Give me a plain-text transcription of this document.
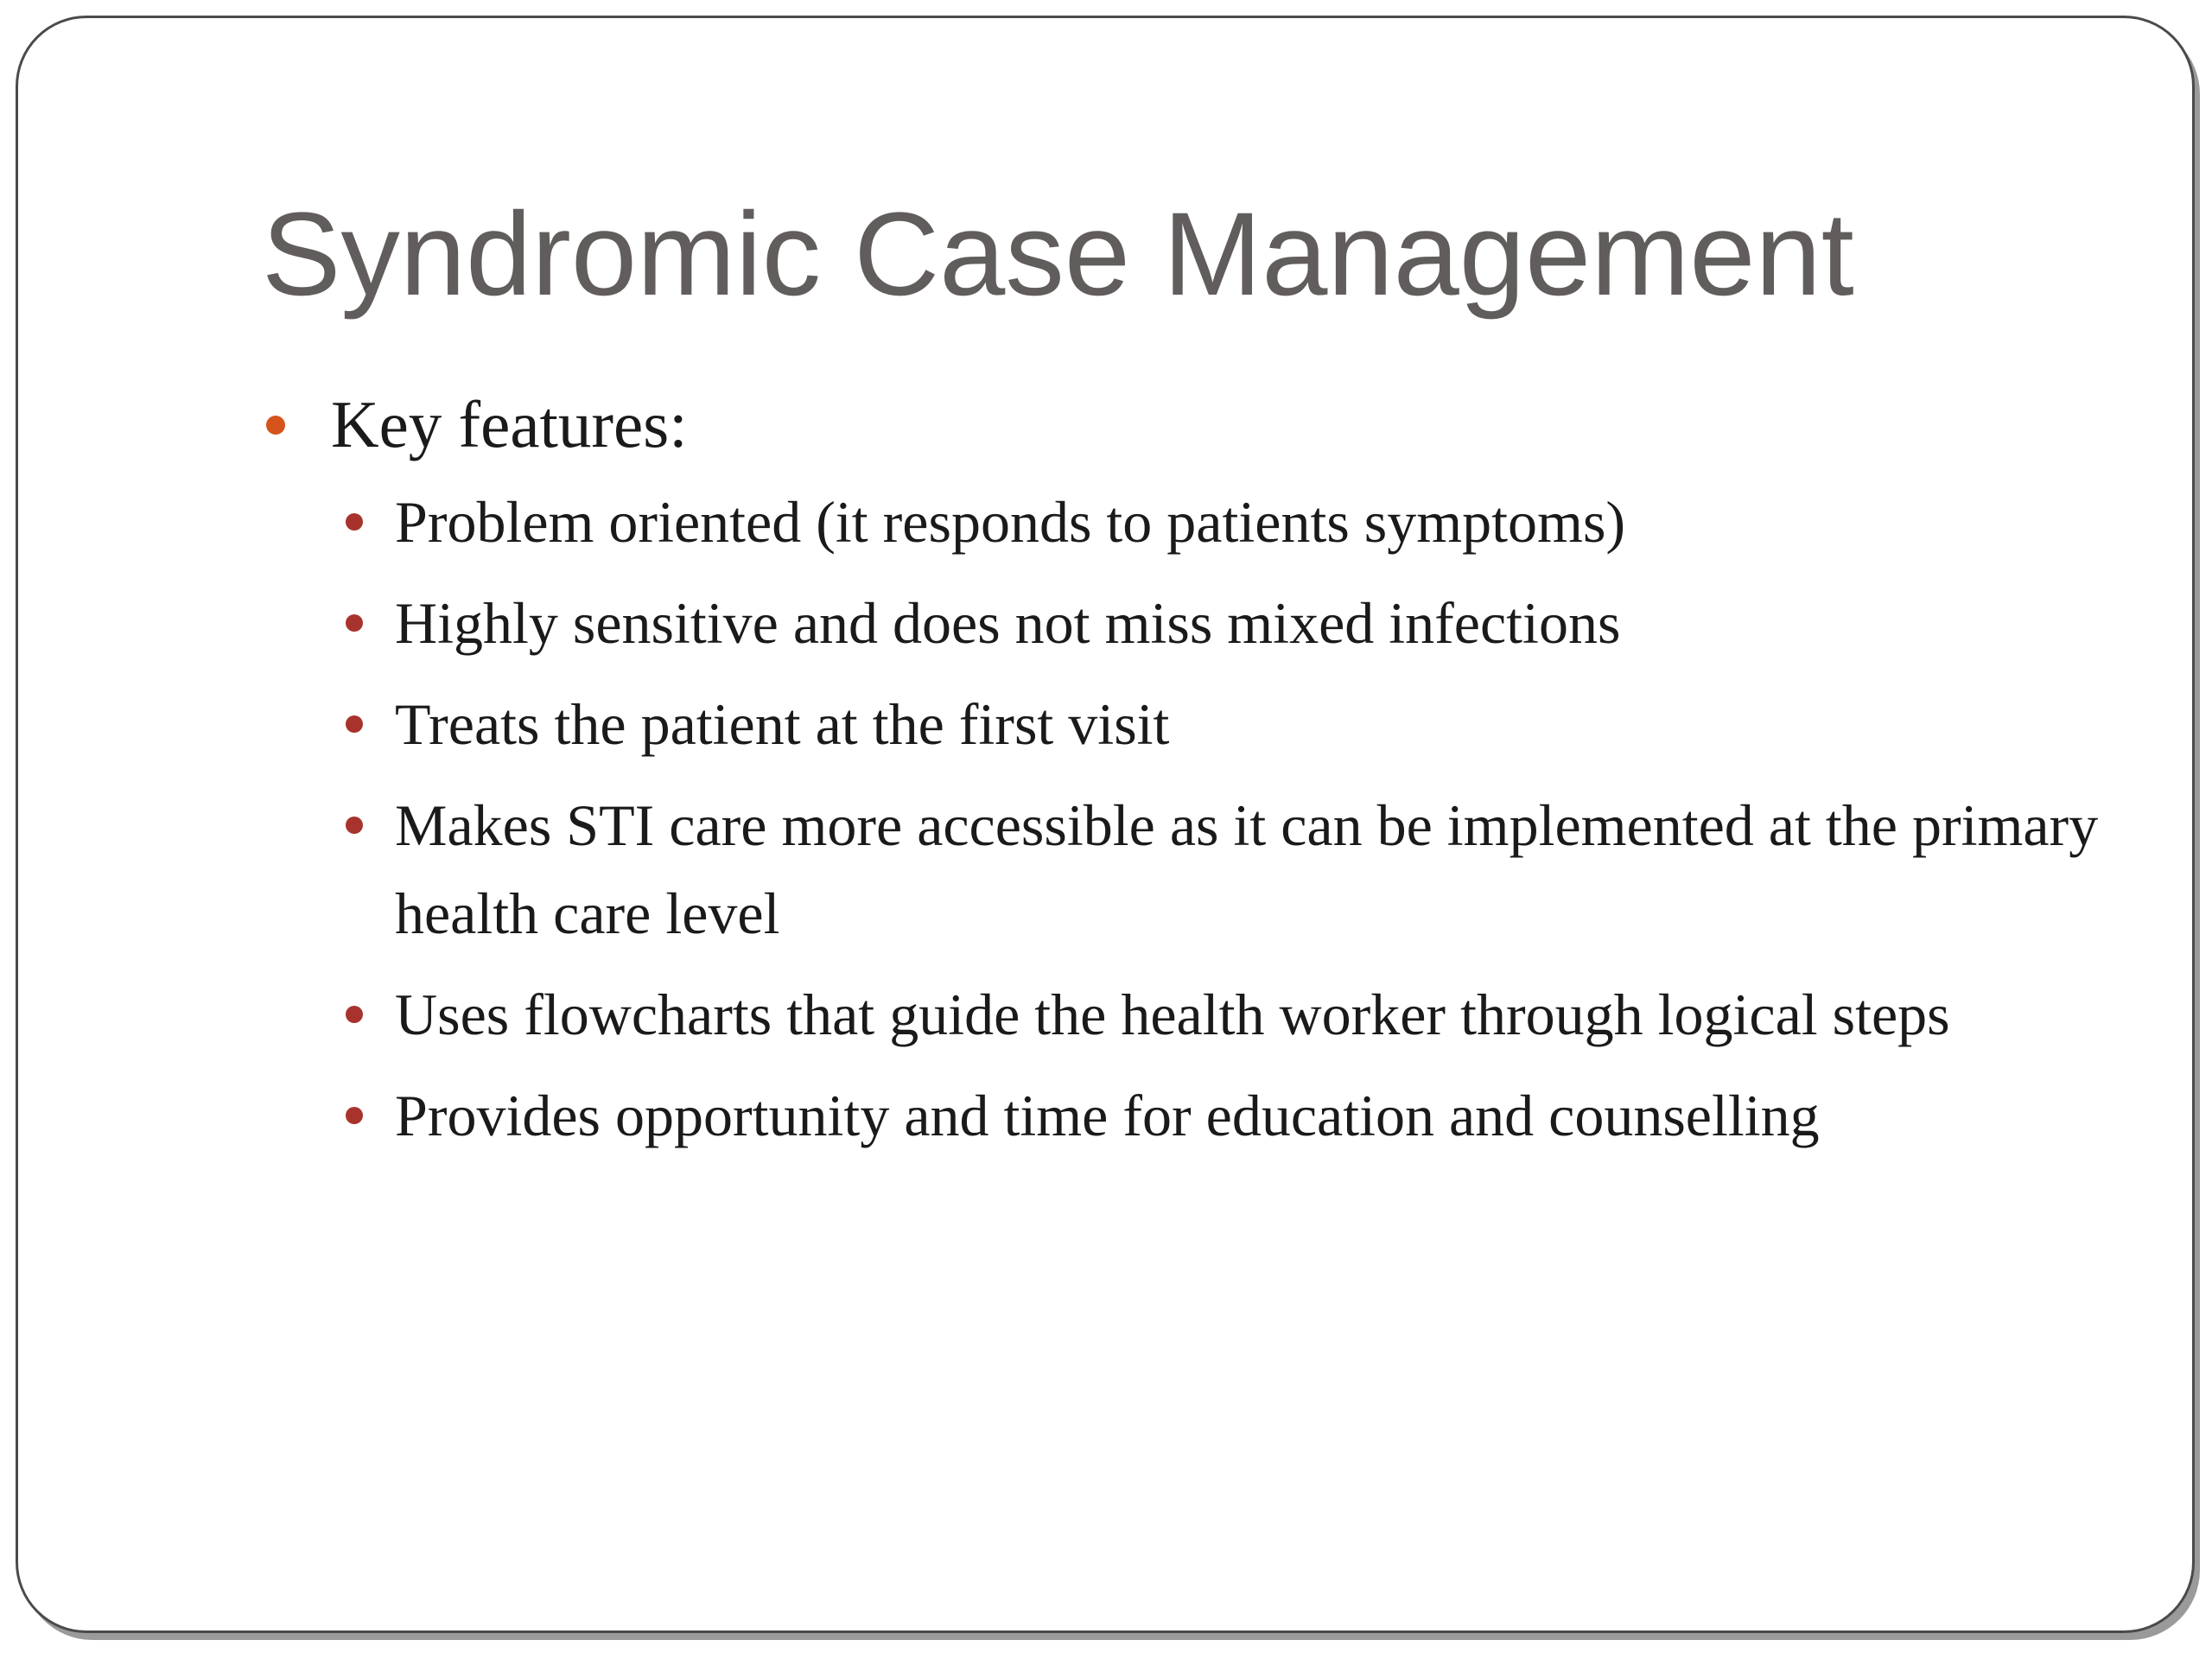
Syndromic Case Management
Key features:
Problem oriented (it responds to patients symptoms)
Highly sensitive and does not miss mixed infections
Treats the patient at the first visit
Makes STI care more accessible as it can be implemented at the primary health care level
Uses flowcharts that guide the health worker through logical steps
Provides opportunity and time for education and counselling
